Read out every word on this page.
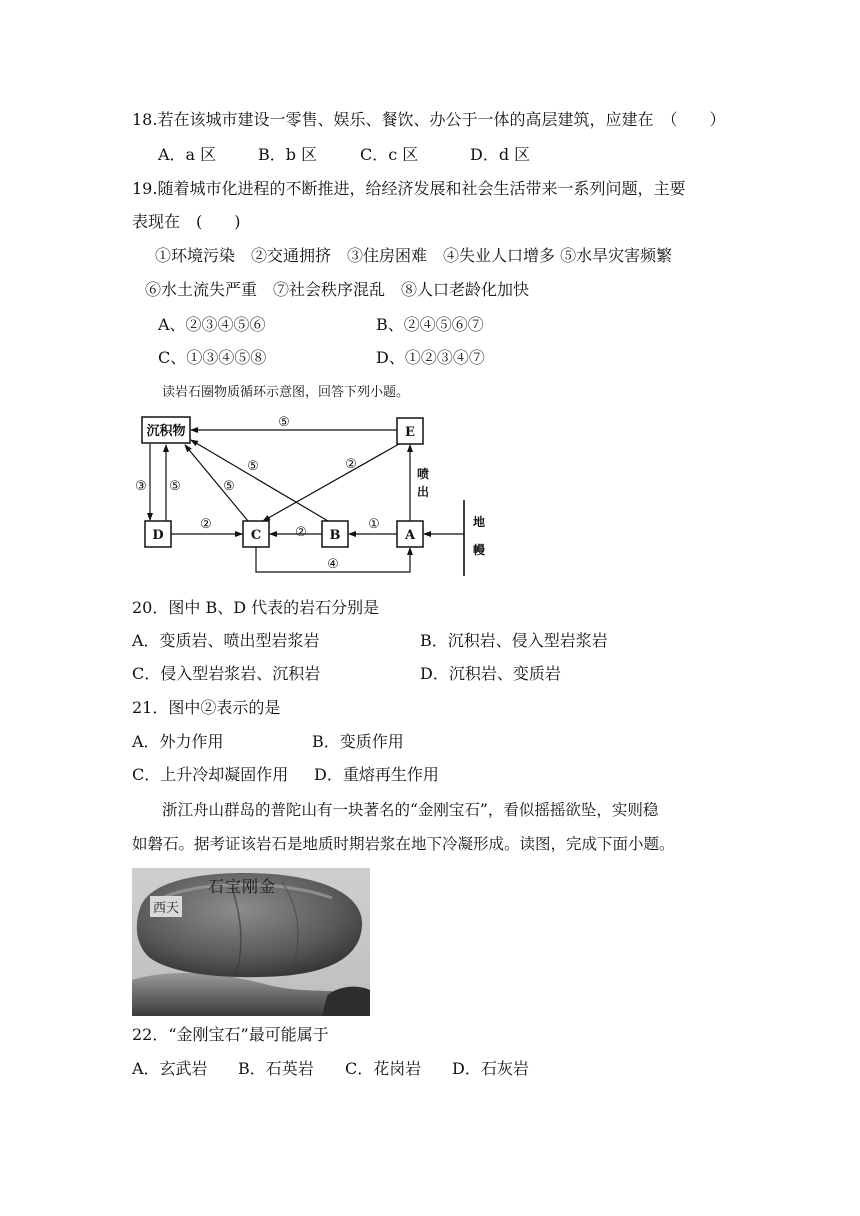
18.若在该城市建设一零售、娱乐、餐饮、办公于一体的高层建筑，应建在　（　　）
A．a 区	B．b 区	C．c 区	D．d 区
19.随着城市化进程的不断推进，给经济发展和社会生活带来一系列问题，主要
表现在　(　　)
①环境污染　②交通拥挤　③住房困难　④失业人口增多 ⑤水旱灾害频繁
⑥水土流失严重　⑦社会秩序混乱　⑧人口老龄化加快
A、②③④⑤⑥	B、②④⑤⑥⑦
C、①③④⑤⑧	D、①②③④⑦
读岩石圈物质循环示意图，回答下列小题。
沉积物	E
D	C	B	A
⑤
③ ⑤	⑤
⑤	②
②
②
①
④
喷
出
地
幔
20．图中 B、D 代表的岩石分别是
A．变质岩、喷出型岩浆岩	B．沉积岩、侵入型岩浆岩
C．侵入型岩浆岩、沉积岩	D．沉积岩、变质岩
21．图中②表示的是
A．外力作用	B．变质作用
C．上升冷却凝固作用 D．重熔再生作用
浙江舟山群岛的普陀山有一块著名的“金刚宝石”，看似摇摇欲坠，实则稳
如磐石。据考证该岩石是地质时期岩浆在地下冷凝形成。读图，完成下面小题。
石宝刚金
西天
22．“金刚宝石”最可能属于
A．玄武岩 B．石英岩 C．花岗岩 D．石灰岩
